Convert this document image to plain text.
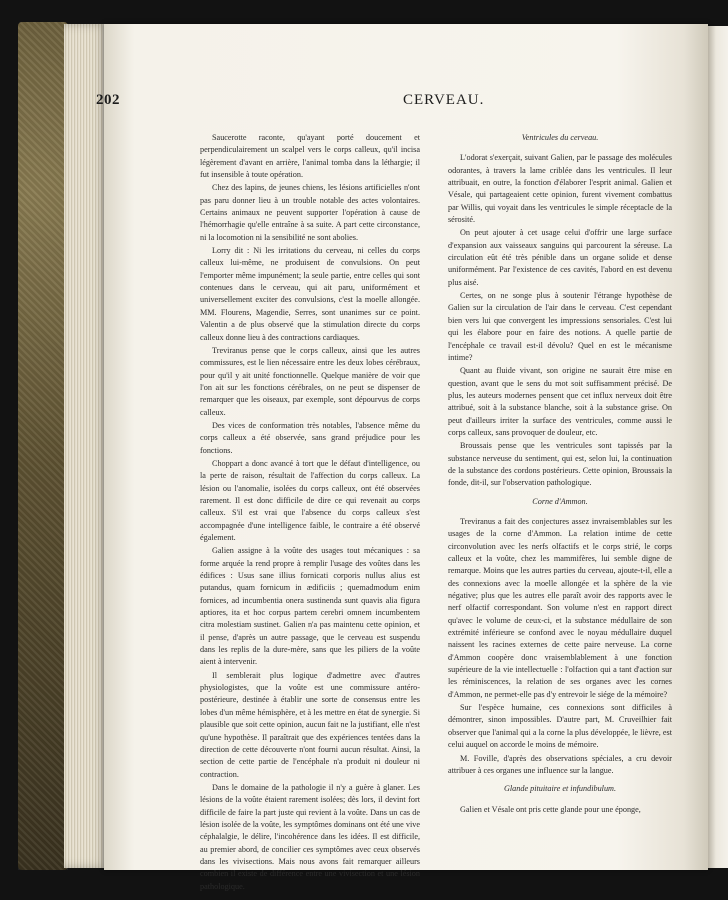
202	CERVEAU.

Saucerotte raconte, qu'ayant porté doucement et perpendiculairement un scalpel vers le corps calleux, qu'il incisa légèrement d'avant en arrière, l'animal tomba dans la léthargie; il fut insensible à toute opération.

Chez des lapins, de jeunes chiens, les lésions artificielles n'ont pas paru donner lieu à un trouble notable des actes volontaires. Certains animaux ne peuvent supporter l'opération à cause de l'hémorrhagie qu'elle entraîne à sa suite. A part cette circonstance, ni la locomotion ni la sensibilité ne sont abolies.

Lorry dit : Ni les irritations du cerveau, ni celles du corps calleux lui-même, ne produisent de convulsions. On peut l'emporter même impunément; la seule partie, entre celles qui sont contenues dans le cerveau, qui ait paru, uniformément et universellement exciter des convulsions, c'est la moelle allongée. MM. Flourens, Magendie, Serres, sont unanimes sur ce point. Valentin a de plus observé que la stimulation directe du corps calleux donne lieu à des contractions cardiaques.

Treviranus pense que le corps calleux, ainsi que les autres commissures, est le lien nécessaire entre les deux lobes cérébraux, pour qu'il y ait unité fonctionnelle. Quelque manière de voir que l'on ait sur les fonctions cérébrales, on ne peut se dispenser de remarquer que les oiseaux, par exemple, sont dépourvus de corps calleux.

Des vices de conformation très notables, l'absence même du corps calleux a été observée, sans grand préjudice pour les fonctions.

Choppart a donc avancé à tort que le défaut d'intelligence, ou la perte de raison, résultait de l'affection du corps calleux. La lésion ou l'anomalie, isolées du corps calleux, ont été observées rarement. Il est donc difficile de dire ce qui revenait au corps calleux. S'il est vrai que l'absence du corps calleux s'est accompagnée d'une intelligence faible, le contraire a été observé également.

Galien assigne à la voûte des usages tout mécaniques : sa forme arquée la rend propre à remplir l'usage des voûtes dans les édifices : Usus sane illius fornicati corporis nullus alius est putandus, quam fornicum in ædificiis ; quemadmodum enim fornices, ad incumbentia onera sustinenda sunt quavis alia figura aptiores, ita et hoc corpus partem cerebri omnem incumbentem citra molestiam sustinet. Galien n'a pas maintenu cette opinion, et il pense, d'après un autre passage, que le cerveau est suspendu dans les replis de la dure-mère, sans que les piliers de la voûte aient à intervenir.

Il semblerait plus logique d'admettre avec d'autres physiologistes, que la voûte est une commissure antéro-postérieure, destinée à établir une sorte de consensus entre les lobes d'un même hémisphère, et à les mettre en état de synergie. Si plausible que soit cette opinion, aucun fait ne la justifiant, elle n'est qu'une hypothèse. Il paraîtrait que des expériences tentées dans la direction de cette découverte n'ont fourni aucun résultat. Ainsi, la section de cette partie de l'encéphale n'a produit ni douleur ni contraction.

Dans le domaine de la pathologie il n'y a guère à glaner. Les lésions de la voûte étaient rarement isolées; dès lors, il devint fort difficile de faire la part juste qui revient à la voûte. Dans un cas de lésion isolée de la voûte, les symptômes dominans ont été une vive céphalalgie, le délire, l'incohérence dans les idées. Il est difficile, au premier abord, de concilier ces symptômes avec ceux observés dans les vivisections. Mais nous avons fait remarquer ailleurs combien il existe de différence entre une vivisection et une lésion pathologique.

Ventricules du cerveau.

L'odorat s'exerçait, suivant Galien, par le passage des molécules odorantes, à travers la lame criblée dans les ventricules. Il leur attribuait, en outre, la fonction d'élaborer l'esprit animal. Galien et Vésale, qui partageaient cette opinion, furent vivement combattus par Willis, qui voyait dans les ventricules le simple réceptacle de la sérosité.

On peut ajouter à cet usage celui d'offrir une large surface d'expansion aux vaisseaux sanguins qui parcourent la séreuse. La circulation eût été très pénible dans un organe solide et dense uniformément. Par l'existence de ces cavités, l'abord en est devenu plus aisé.

Certes, on ne songe plus à soutenir l'étrange hypothèse de Galien sur la circulation de l'air dans le cerveau. C'est cependant bien vers lui que convergent les impressions sensoriales. C'est lui qui les élabore pour en faire des notions. A quelle partie de l'encéphale ce travail est-il dévolu? Quel en est le mécanisme intime?

Quant au fluide vivant, son origine ne saurait être mise en question, avant que le sens du mot soit suffisamment précisé. De plus, les auteurs modernes pensent que cet influx nerveux doit être attribué, soit à la substance blanche, soit à la substance grise. On peut d'ailleurs irriter la surface des ventricules, comme aussi le corps calleux, sans provoquer de douleur, etc.

Broussais pense que les ventricules sont tapissés par la substance nerveuse du sentiment, qui est, selon lui, la continuation de la substance des cordons postérieurs. Cette opinion, Broussais la fonde, dit-il, sur l'observation pathologique.

Corne d'Ammon.

Treviranus a fait des conjectures assez invraisemblables sur les usages de la corne d'Ammon. La relation intime de cette circonvolution avec les nerfs olfactifs et le corps strié, le corps calleux et la voûte, chez les mammifères, lui semble digne de remarque. Moins que les autres parties du cerveau, ajoute-t-il, elle a des connexions avec la moelle allongée et la sphère de la vie négative; plus que les autres elle paraît avoir des rapports avec le nerf olfactif correspondant. Son volume n'est en rapport direct qu'avec le volume de ceux-ci, et la substance médullaire de son extrémité inférieure se confond avec le noyau médullaire duquel naissent les racines externes de cette paire nerveuse. La corne d'Ammon coopère donc vraisemblablement à une fonction supérieure de la vie intellectuelle : l'olfaction qui a tant d'action sur les réminiscences, la relation de ses organes avec les cornes d'Ammon, ne permet-elle pas d'y entrevoir le siége de la mémoire?

Sur l'espèce humaine, ces connexions sont difficiles à démontrer, sinon impossibles. D'autre part, M. Cruveilhier fait observer que l'animal qui a la corne la plus développée, le lièvre, est celui auquel on accorde le moins de mémoire.

M. Foville, d'après des observations spéciales, a cru devoir attribuer à ces organes une influence sur la langue.

Glande pituitaire et infundibulum.

Galien et Vésale ont pris cette glande pour une éponge,
